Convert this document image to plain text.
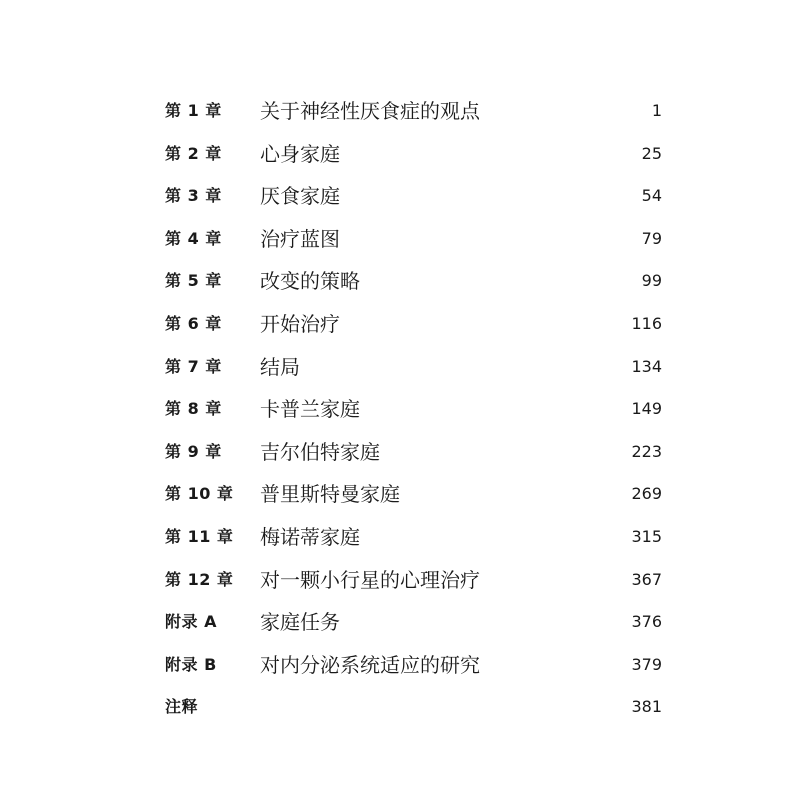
第 1 章 关于神经性厌食症的观点	1
第 2 章 心身家庭	25
第 3 章 厌食家庭	54
第 4 章 治疗蓝图	79
第 5 章 改变的策略	99
第 6 章 开始治疗	116
第 7 章 结局	134
第 8 章 卡普兰家庭	149
第 9 章 吉尔伯特家庭	223
第 10 章 普里斯特曼家庭	269
第 11 章 梅诺蒂家庭	315
第 12 章 对一颗小行星的心理治疗	367
附录 A 家庭任务	376
附录 B 对内分泌系统适应的研究	379
注释	381
